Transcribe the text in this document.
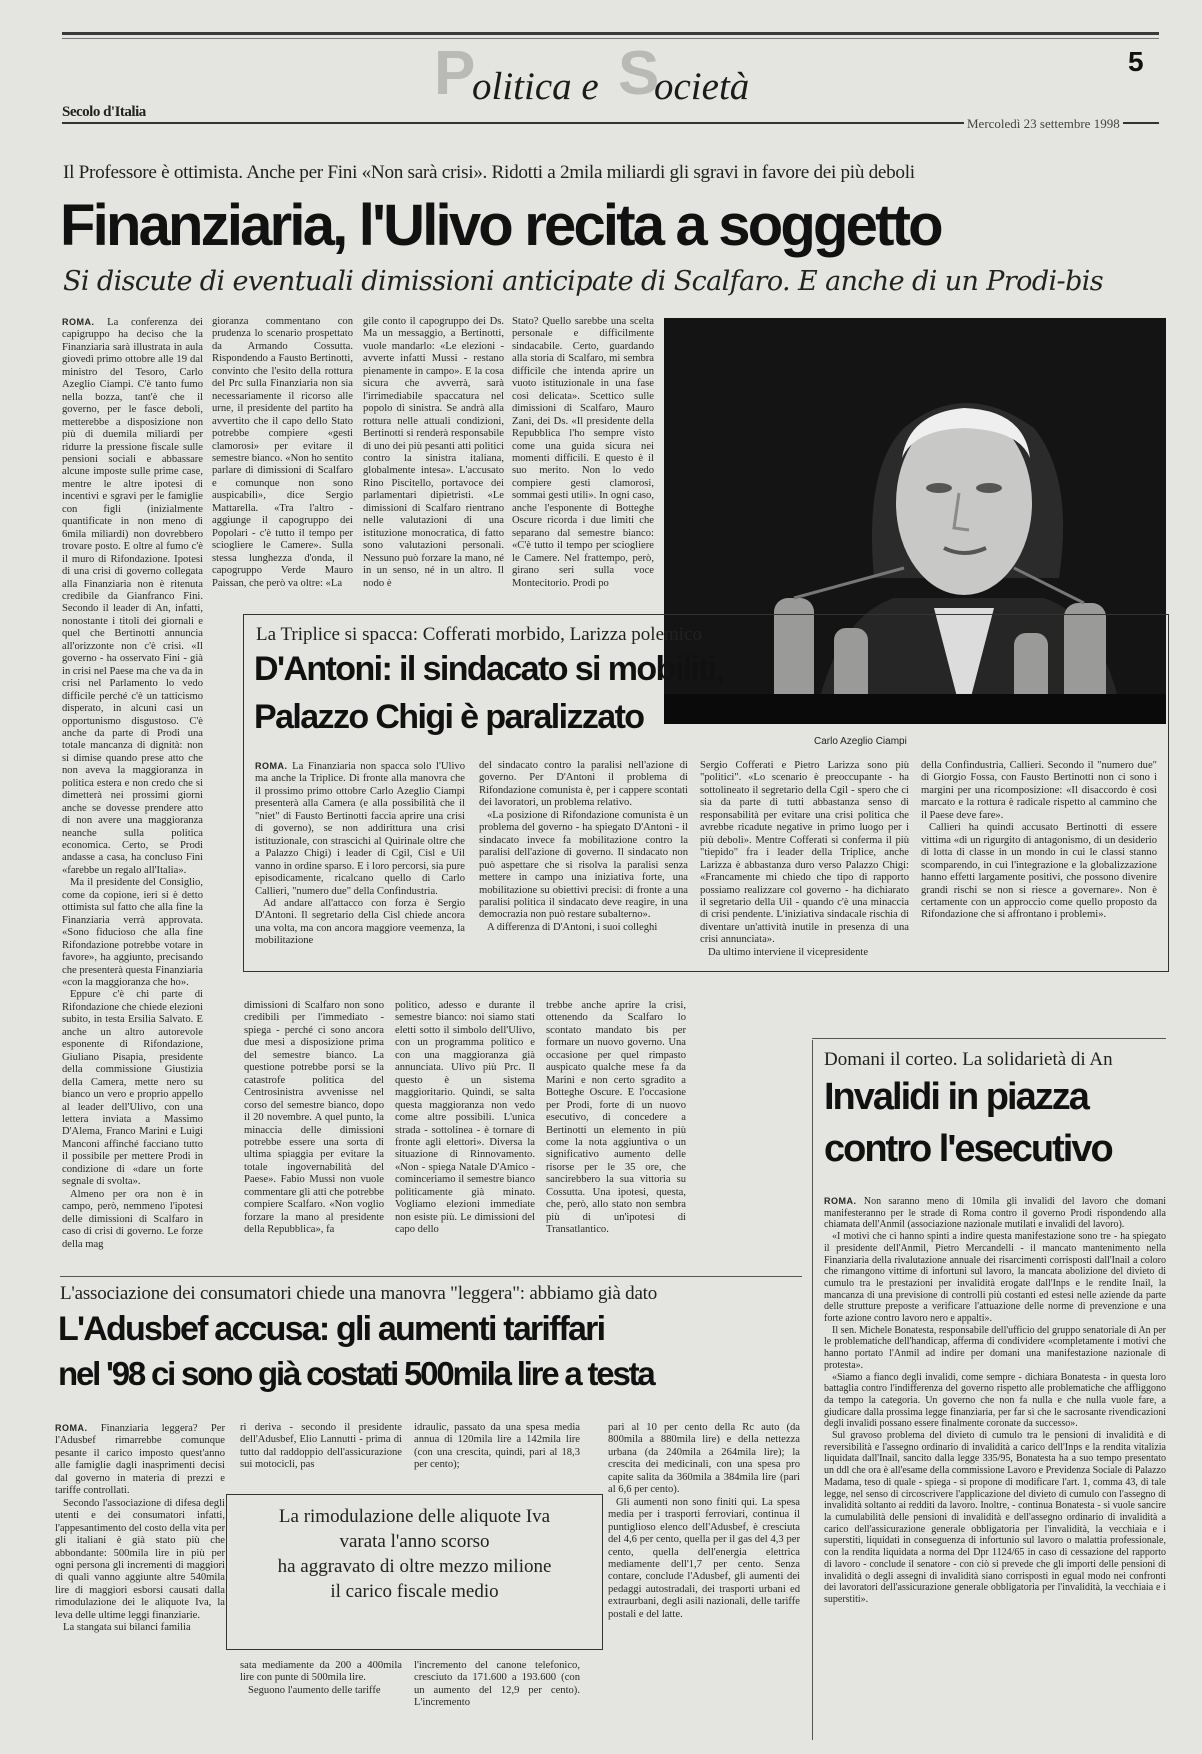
P
olitica e S
ocietà
5
Secolo d'Italia
Mercoledì 23 settembre 1998
Il Professore è ottimista. Anche per Fini «Non sarà crisi». Ridotti a 2mila miliardi gli sgravi in favore dei più deboli
Finanziaria, l'Ulivo recita a soggetto
Si discute di eventuali dimissioni anticipate di Scalfaro. E anche di un Prodi-bis

ROMA. La conferenza dei capigruppo ha deciso che la Finanziaria sarà illustrata in aula giovedì primo ottobre alle 19 dal ministro del Tesoro, Carlo Azeglio Ciampi. C'è tanto fumo nella bozza, tant'è che il governo, per le fasce deboli, metterebbe a disposizione non più di duemila miliardi per ridurre la pressione fiscale sulle pensioni sociali e abbassare alcune imposte sulle prime case, mentre le altre ipotesi di incentivi e sgravi per le famiglie con figli (inizialmente quantificate in non meno di 6mila miliardi) non dovrebbero trovare posto. E oltre al fumo c'è il muro di Rifondazione. Ipotesi di una crisi di governo collegata alla Finanziaria non è ritenuta credibile da Gianfranco Fini. Secondo il leader di An, infatti, nonostante i titoli dei giornali e quel che Bertinotti annuncia all'orizzonte non c'è crisi. «Il governo - ha osservato Fini - già in crisi nel Paese ma che va da in crisi nel Parlamento lo vedo difficile perché c'è un tatticismo disperato, in alcuni casi un opportunismo disgustoso. C'è anche da parte di Prodi una totale mancanza di dignità: non si dimise quando prese atto che non aveva la maggioranza in politica estera e non credo che si dimetterà nei prossimi giorni anche se dovesse prendere atto di non avere una maggioranza neanche sulla politica economica. Certo, se Prodi andasse a casa, ha concluso Fini «farebbe un regalo all'Italia».

Ma il presidente del Consiglio, come da copione, ieri si è detto ottimista sul fatto che alla fine la Finanziaria verrà approvata. «Sono fiducioso che alla fine Rifondazione potrebbe votare in favore», ha aggiunto, precisando che presenterà questa Finanziaria «con la maggioranza che ho».

Eppure c'è chi parte di Rifondazione che chiede elezioni subito, in testa Ersilia Salvato. E anche un altro autorevole esponente di Rifondazione, Giuliano Pisapia, presidente della commissione Giustizia della Camera, mette nero su bianco un vero e proprio appello al leader dell'Ulivo, con una lettera inviata a Massimo D'Alema, Franco Marini e Luigi Manconi affinché facciano tutto il possibile per mettere Prodi in condizione di «dare un forte segnale di svolta».

Almeno per ora non è in campo, però, nemmeno l'ipotesi delle dimissioni di Scalfaro in caso di crisi di governo. Le forze della mag

gioranza commentano con prudenza lo scenario prospettato da Armando Cossutta. Rispondendo a Fausto Bertinotti, convinto che l'esito della rottura del Prc sulla Finanziaria non sia necessariamente il ricorso alle urne, il presidente del partito ha avvertito che il capo dello Stato potrebbe compiere «gesti clamorosi» per evitare il semestre bianco. «Non ho sentito parlare di dimissioni di Scalfaro e comunque non sono auspicabili», dice Sergio Mattarella. «Tra l'altro - aggiunge il capogruppo dei Popolari - c'è tutto il tempo per sciogliere le Camere». Sulla stessa lunghezza d'onda, il capogruppo Verde Mauro Paissan, che però va oltre: «La
gile conto il capogruppo dei Ds. Ma un messaggio, a Bertinotti, vuole mandarlo: «Le elezioni - avverte infatti Mussi - restano pienamente in campo». E la cosa sicura che avverrà, sarà l'irrimediabile spaccatura nel popolo di sinistra. Se andrà alla rottura nelle attuali condizioni, Bertinotti si renderà responsabile di uno dei più pesanti atti politici contro la sinistra italiana, globalmente intesa». L'accusato Rino Piscitello, portavoce dei parlamentari dipietristi. «Le dimissioni di Scalfaro rientrano nelle valutazioni di una istituzione monocratica, di fatto sono valutazioni personali. Nessuno può forzare la mano, né in un senso, né in un altro. Il nodo è
Stato? Quello sarebbe una scelta personale e difficilmente sindacabile. Certo, guardando alla storia di Scalfaro, mi sembra difficile che intenda aprire un vuoto istituzionale in una fase così delicata». Scettico sulle dimissioni di Scalfaro, Mauro Zani, dei Ds. «Il presidente della Repubblica l'ho sempre visto come una guida sicura nei momenti difficili. E questo è il suo merito. Non lo vedo compiere gesti clamorosi, sommai gesti utili». In ogni caso, anche l'esponente di Botteghe Oscure ricorda i due limiti che separano dal semestre bianco: «C'è tutto il tempo per sciogliere le Camere. Nel frattempo, però, girano seri sulla voce Montecitorio. Prodi po
Carlo Azeglio Ciampi
La Triplice si spacca: Cofferati morbido, Larizza polemico
D'Antoni: il sindacato si mobiliti,
Palazzo Chigi è paralizzato

ROMA. La Finanziaria non spacca solo l'Ulivo ma anche la Triplice. Di fronte alla manovra che il prossimo primo ottobre Carlo Azeglio Ciampi presenterà alla Camera (e alla possibilità che il "niet" di Fausto Bertinotti faccia aprire una crisi di governo), se non addirittura una crisi istituzionale, con strascichi al Quirinale oltre che a Palazzo Chigi) i leader di Cgil, Cisl e Uil vanno in ordine sparso. E i loro percorsi, sia pure episodicamente, ricalcano quello di Carlo Callieri, "numero due" della Confindustria.

Ad andare all'attacco con forza è Sergio D'Antoni. Il segretario della Cisl chiede ancora una volta, ma con ancora maggiore veemenza, la mobilitazione

del sindacato contro la paralisi nell'azione di governo. Per D'Antoni il problema di Rifondazione comunista è, per i cappere scontati dei lavoratori, un problema relativo.

«La posizione di Rifondazione comunista è un problema del governo - ha spiegato D'Antoni - il sindacato invece fa mobilitazione contro la paralisi dell'azione di governo. Il sindacato non può aspettare che si risolva la paralisi senza mettere in campo una iniziativa forte, una mobilitazione su obiettivi precisi: di fronte a una paralisi politica il sindacato deve reagire, in una democrazia non può restare subalterno».

A differenza di D'Antoni, i suoi colleghi

Sergio Cofferati e Pietro Larizza sono più "politici". «Lo scenario è preoccupante - ha sottolineato il segretario della Cgil - spero che ci sia da parte di tutti abbastanza senso di responsabilità per evitare una crisi politica che avrebbe ricadute negative in primo luogo per i più deboli». Mentre Cofferati si conferma il più "tiepido" fra i leader della Triplice, anche Larizza è abbastanza duro verso Palazzo Chigi: «Francamente mi chiedo che tipo di rapporto possiamo realizzare col governo - ha dichiarato il segretario della Uil - quando c'è una minaccia di crisi pendente. L'iniziativa sindacale rischia di diventare un'attività inutile in presenza di una crisi annunciata».

Da ultimo interviene il vicepresidente

della Confindustria, Callieri. Secondo il "numero due" di Giorgio Fossa, con Fausto Bertinotti non ci sono i margini per una ricomposizione: «Il disaccordo è così marcato e la rottura è radicale rispetto al cammino che il Paese deve fare».

Callieri ha quindi accusato Bertinotti di essere vittima «di un rigurgito di antagonismo, di un desiderio di lotta di classe in un mondo in cui le classi stanno scomparendo, in cui l'integrazione e la globalizzazione hanno effetti largamente positivi, che possono divenire grandi rischi se non si riesce a governare». Non è certamente con un approccio come quello proposto da Rifondazione che si affrontano i problemi».

dimissioni di Scalfaro non sono credibili per l'immediato - spiega - perché ci sono ancora due mesi a disposizione prima del semestre bianco. La questione potrebbe porsi se la catastrofe politica del Centrosinistra avvenisse nel corso del semestre bianco, dopo il 20 novembre. A quel punto, la minaccia delle dimissioni potrebbe essere una sorta di ultima spiaggia per evitare la totale ingovernabilità del Paese». Fabio Mussi non vuole commentare gli atti che potrebbe compiere Scalfaro. «Non voglio forzare la mano al presidente della Repubblica», fa
politico, adesso e durante il semestre bianco: noi siamo stati eletti sotto il simbolo dell'Ulivo, con un programma politico e con una maggioranza già annunciata. Ulivo più Prc. Il questo è un sistema maggioritario. Quindi, se salta questa maggioranza non vedo come altre possibili. L'unica strada - sottolinea - è tornare di fronte agli elettori». Diversa la situazione di Rinnovamento. «Non - spiega Natale D'Amico - cominceriamo il semestre bianco politicamente già minato. Vogliamo elezioni immediate non esiste più. Le dimissioni del capo dello
trebbe anche aprire la crisi, ottenendo da Scalfaro lo scontato mandato bis per formare un nuovo governo. Una occasione per quel rimpasto auspicato qualche mese fa da Marini e non certo sgradito a Botteghe Oscure. E l'occasione per Prodi, forte di un nuovo esecutivo, di concedere a Bertinotti un elemento in più come la nota aggiuntiva o un significativo aumento delle risorse per le 35 ore, che sancirebbero la sua vittoria su Cossutta. Una ipotesi, questa, che, però, allo stato non sembra più di un'ipotesi di Transatlantico.
Domani il corteo. La solidarietà di An
Invalidi in piazza
contro l'esecutivo

ROMA. Non saranno meno di 10mila gli invalidi del lavoro che domani manifesteranno per le strade di Roma contro il governo Prodi rispondendo alla chiamata dell'Anmil (associazione nazionale mutilati e invalidi del lavoro).

«I motivi che ci hanno spinti a indire questa manifestazione sono tre - ha spiegato il presidente dell'Anmil, Pietro Mercandelli - il mancato mantenimento nella Finanziaria della rivalutazione annuale dei risarcimenti corrisposti dall'Inail a coloro che rimangono vittime di infortuni sul lavoro, la mancata abolizione del divieto di cumulo tra le prestazioni per invalidità erogate dall'Inps e le rendite Inail, la mancanza di una previsione di controlli più costanti ed estesi nelle aziende da parte delle strutture preposte a verificare l'attuazione delle norme di prevenzione e una forte azione contro lavoro nero e appalti».

Il sen. Michele Bonatesta, responsabile dell'ufficio del gruppo senatoriale di An per le problematiche dell'handicap, afferma di condividere «completamente i motivi che hanno portato l'Anmil ad indire per domani una manifestazione nazionale di protesta».

«Siamo a fianco degli invalidi, come sempre - dichiara Bonatesta - in questa loro battaglia contro l'indifferenza del governo rispetto alle problematiche che affliggono da tempo la categoria. Un governo che non fa nulla e che nulla vuole fare, a giudicare dalla prossima legge finanziaria, per far sì che le sacrosante rivendicazioni degli invalidi possano essere finalmente coronate da successo».

Sul gravoso problema del divieto di cumulo tra le pensioni di invalidità e di reversibilità e l'assegno ordinario di invalidità a carico dell'Inps e la rendita vitalizia liquidata dall'Inail, sancito dalla legge 335/95, Bonatesta ha a suo tempo presentato un ddl che ora è all'esame della commissione Lavoro e Previdenza Sociale di Palazzo Madama, teso di quale - spiega - si propone di modificare l'art. 1, comma 43, di tale legge, nel senso di circoscrivere l'applicazione del divieto di cumulo con l'assegno di invalidità soltanto ai redditi da lavoro. Inoltre, - continua Bonatesta - si vuole sancire la cumulabilità delle pensioni di invalidità e dell'assegno ordinario di invalidità a carico dell'assicurazione generale obbligatoria per l'invalidità, la vecchiaia e i superstiti, liquidati in conseguenza di infortunio sul lavoro o malattia professionale, con la rendita liquidata a norma del Dpr 1124/65 in caso di cessazione del rapporto di lavoro - conclude il senatore - con ciò si prevede che gli importi delle pensioni di invalidità o degli assegni di invalidità siano corrisposti in egual modo nei confronti dei lavoratori dell'assicurazione generale obbligatoria per l'invalidità, la vecchiaia e i superstiti».

L'associazione dei consumatori chiede una manovra "leggera": abbiamo già dato
L'Adusbef accusa: gli aumenti tariffari
nel '98 ci sono già costati 500mila lire a testa

ROMA. Finanziaria leggera? Per l'Adusbef rimarrebbe comunque pesante il carico imposto quest'anno alle famiglie dagli inasprimenti decisi dal governo in materia di prezzi e tariffe controllati.

Secondo l'associazione di difesa degli utenti e dei consumatori infatti, l'appesantimento del costo della vita per gli italiani è già stato più che abbondante: 500mila lire in più per ogni persona gli incrementi di maggiori di quali vanno aggiunte altre 540mila lire di maggiori esborsi causati dalla rimodulazione dei le aliquote Iva, la leva delle ultime leggi finanziarie.

La stangata sui bilanci familia

ri deriva - secondo il presidente dell'Adusbef, Elio Lannutti - prima di tutto dal raddoppio dell'assicurazione sui motocicli, pas
idraulic, passato da una spesa media annua di 120mila lire a 142mila lire (con una crescita, quindi, pari al 18,3 per cento);
La rimodulazione delle aliquote Iva
varata l'anno scorso
ha aggravato di oltre mezzo milione
il carico fiscale medio

sata mediamente da 200 a 400mila lire con punte di 500mila lire.

Seguono l'aumento delle tariffe

l'incremento del canone telefonico, cresciuto da 171.600 a 193.600 (con un aumento del 12,9 per cento). L'incremento

pari al 10 per cento della Rc auto (da 800mila a 880mila lire) e della nettezza urbana (da 240mila a 264mila lire); la crescita dei medicinali, con una spesa pro capite salita da 360mila a 384mila lire (pari al 6,6 per cento).

Gli aumenti non sono finiti qui. La spesa media per i trasporti ferroviari, continua il puntiglioso elenco dell'Adusbef, è cresciuta del 4,6 per cento, quella per il gas del 4,3 per cento, quella dell'energia elettrica mediamente dell'1,7 per cento. Senza contare, conclude l'Adusbef, gli aumenti dei pedaggi autostradali, dei trasporti urbani ed extraurbani, degli asili nazionali, delle tariffe postali e del latte.
